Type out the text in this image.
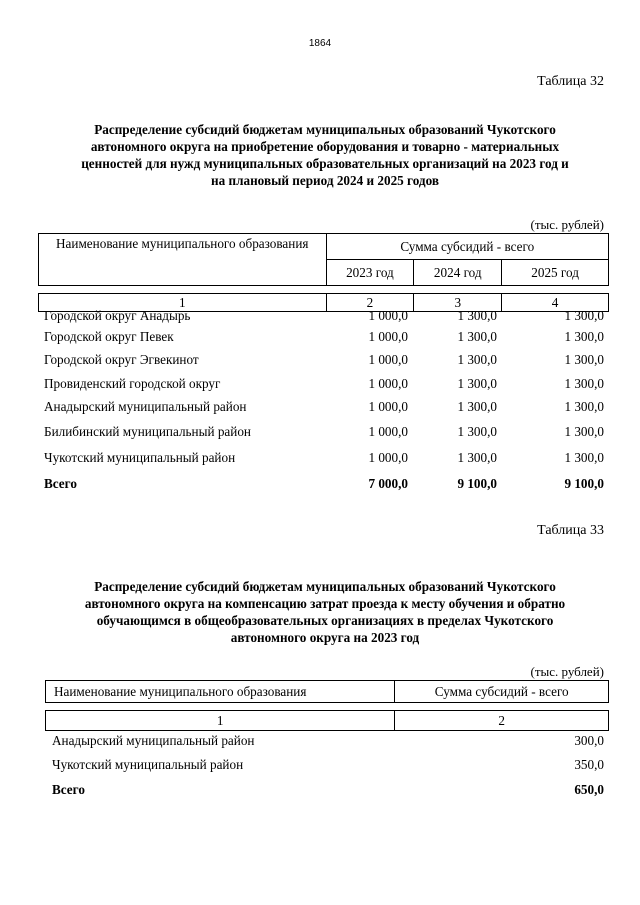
1864
Таблица 32
Распределение субсидий бюджетам муниципальных образований Чукотского
автономного округа на приобретение оборудования и товарно - материальных
ценностей для нужд муниципальных образовательных организаций на 2023 год и
на плановый период 2024 и 2025 годов
(тыс. рублей)
Наименование муниципального образования	Сумма субсидий - всего		
	2023 год	2024 год	2025 год

1	2	3	4
Городской округ Анадырь	1 000,0	1 300,0	1 300,0
Городской округ Певек	1 000,0	1 300,0	1 300,0
Городской округ Эгвекинот	1 000,0	1 300,0	1 300,0
Провиденский городской округ	1 000,0	1 300,0	1 300,0
Анадырский муниципальный район	1 000,0	1 300,0	1 300,0
Билибинский муниципальный район	1 000,0	1 300,0	1 300,0
Чукотский муниципальный район	1 000,0	1 300,0	1 300,0
Всего	7 000,0	9 100,0	9 100,0
Таблица 33
Распределение субсидий бюджетам муниципальных образований Чукотского
автономного округа на компенсацию затрат проезда к месту обучения и обратно
обучающимся в общеобразовательных организациях в пределах Чукотского
автономного округа на 2023 год
(тыс. рублей)
Наименование муниципального образования	Сумма субсидий - всего

1	2
Анадырский муниципальный район	300,0
Чукотский муниципальный район	350,0
Всего	650,0
